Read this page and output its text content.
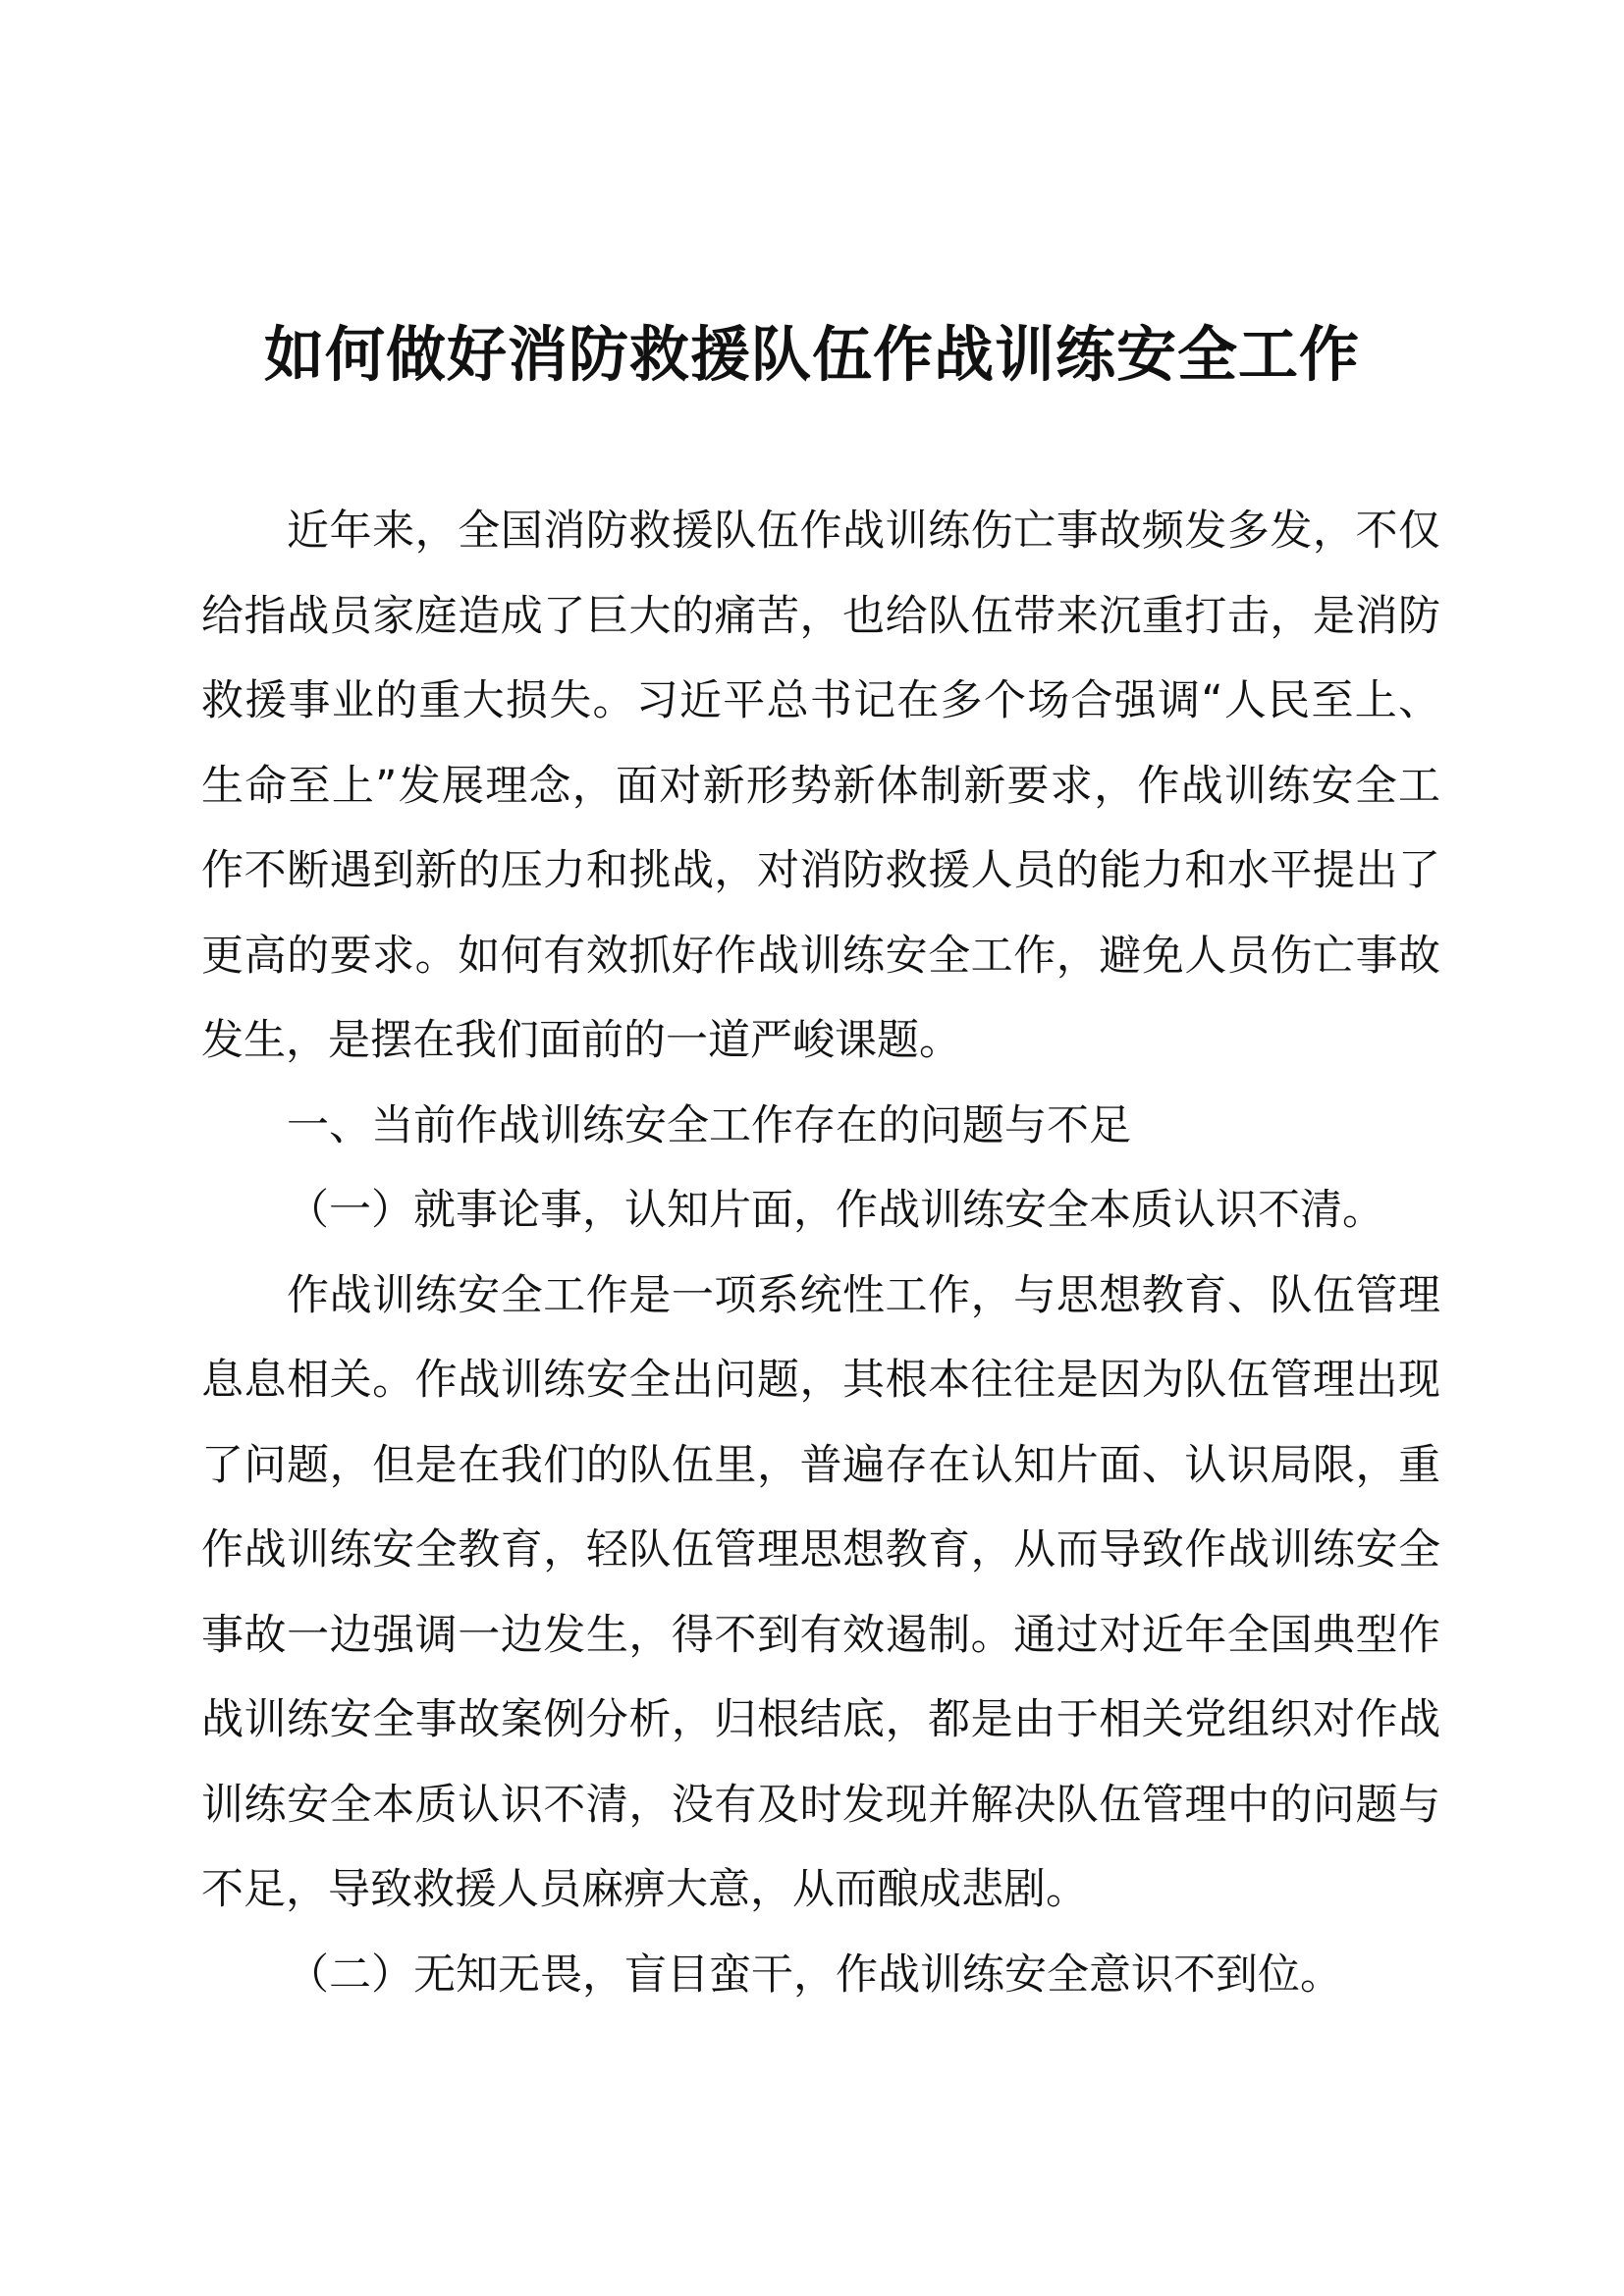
如何做好消防救援队伍作战训练安全工作

近年来，全国消防救援队伍作战训练伤亡事故频发多发，不仅给指战员家庭造成了巨大的痛苦，也给队伍带来沉重打击，是消防救援事业的重大损失。习近平总书记在多个场合强调“人民至上、生命至上”发展理念，面对新形势新体制新要求，作战训练安全工作不断遇到新的压力和挑战，对消防救援人员的能力和水平提出了更高的要求。如何有效抓好作战训练安全工作，避免人员伤亡事故发生，是摆在我们面前的一道严峻课题。

一、当前作战训练安全工作存在的问题与不足

（一）就事论事，认知片面，作战训练安全本质认识不清。

作战训练安全工作是一项系统性工作，与思想教育、队伍管理息息相关。作战训练安全出问题，其根本往往是因为队伍管理出现了问题，但是在我们的队伍里，普遍存在认知片面、认识局限，重作战训练安全教育，轻队伍管理思想教育，从而导致作战训练安全事故一边强调一边发生，得不到有效遏制。通过对近年全国典型作战训练安全事故案例分析，归根结底，都是由于相关党组织对作战训练安全本质认识不清，没有及时发现并解决队伍管理中的问题与不足，导致救援人员麻痹大意，从而酿成悲剧。

（二）无知无畏，盲目蛮干，作战训练安全意识不到位。
